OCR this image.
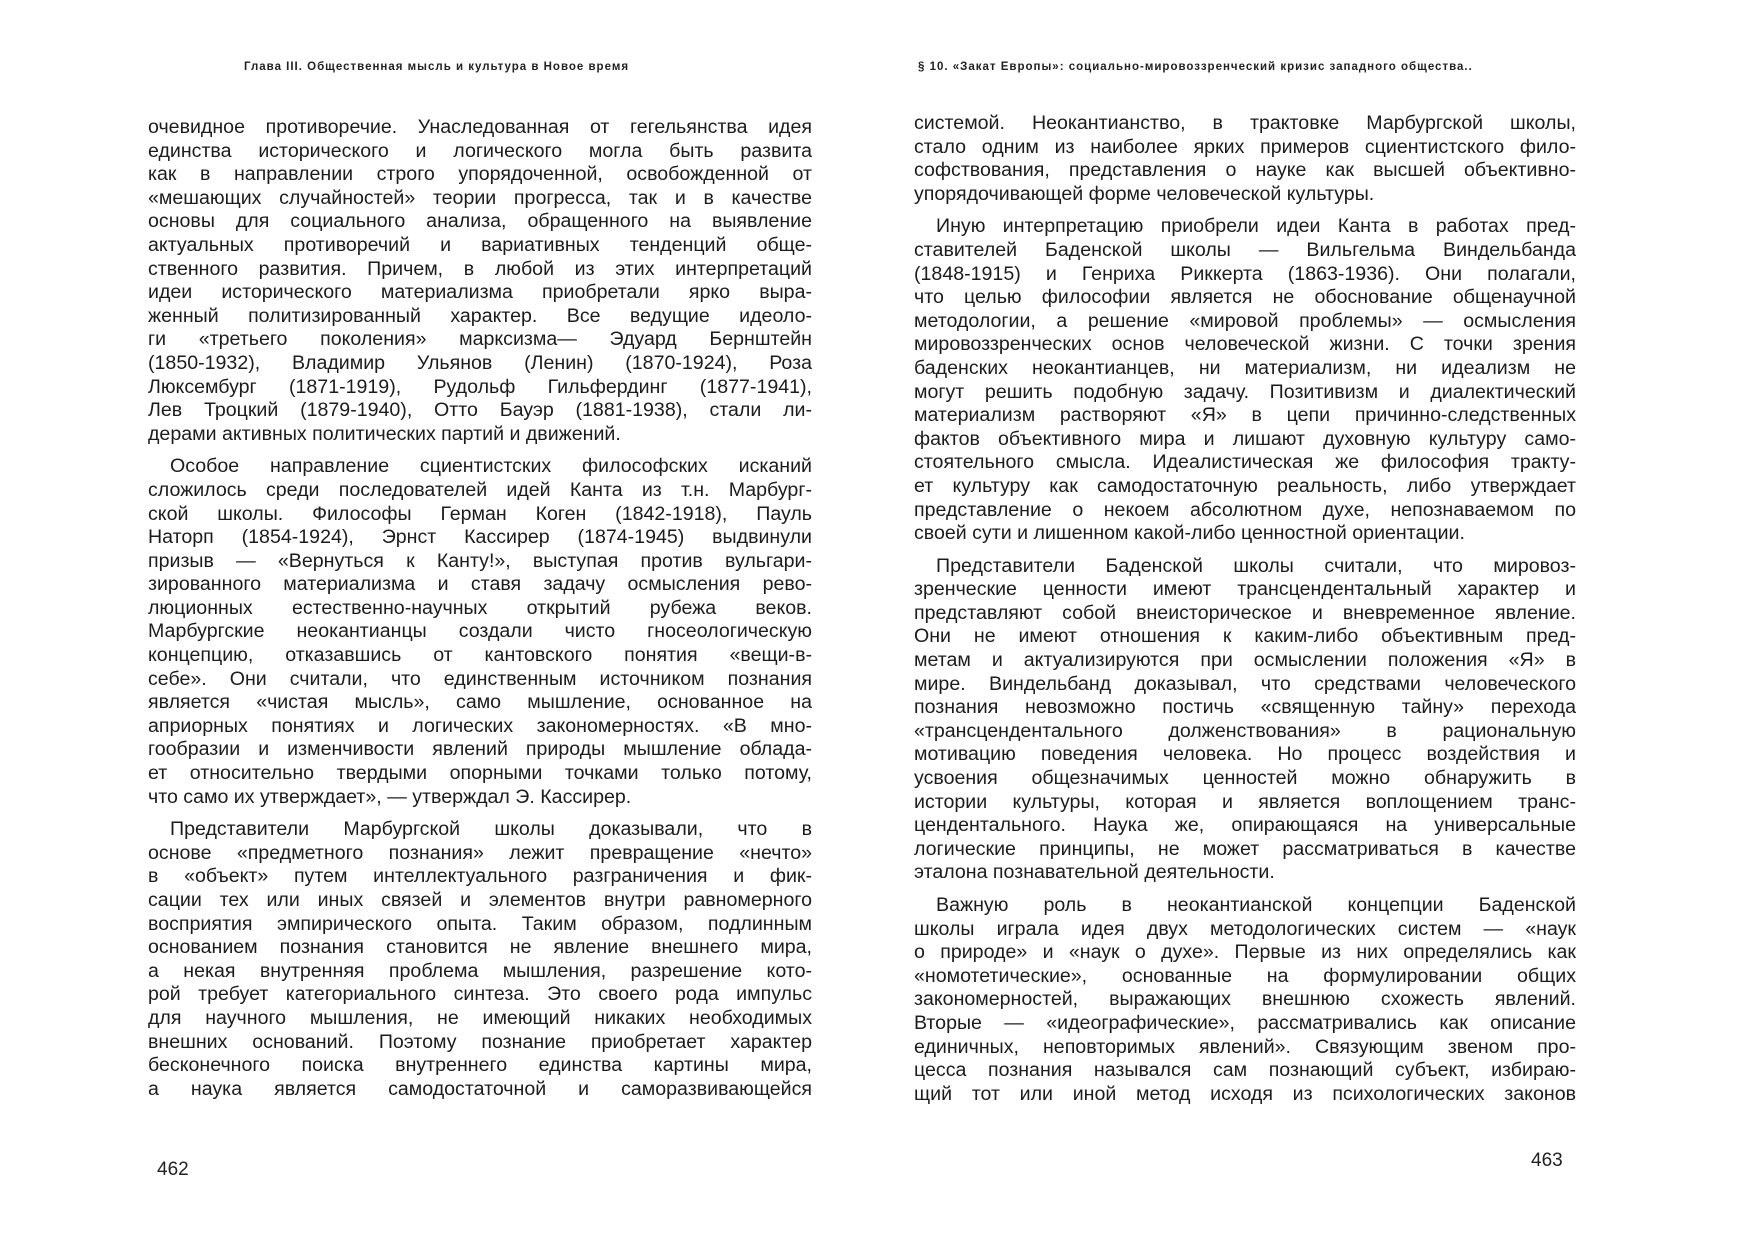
Глава III. Общественная мысль и культура в Новое время
очевидное противоречие. Унаследованная от гегельянства идея
единства исторического и логического могла быть развита
как в направлении строго упорядоченной, освобожденной от
«мешающих случайностей» теории прогресса, так и в качестве
основы для социального анализа, обращенного на выявление
актуальных противоречий и вариативных тенденций обще-
ственного развития. Причем, в любой из этих интерпретаций
идеи исторического материализма приобретали ярко выра-
женный политизированный характер. Все ведущие идеоло-
ги «третьего поколения» марксизма— Эдуард Бернштейн
(1850-1932), Владимир Ульянов (Ленин) (1870-1924), Роза
Люксембург (1871-1919), Рудольф Гильфердинг (1877-1941),
Лев Троцкий (1879-1940), Отто Бауэр (1881-1938), стали ли-
дерами активных политических партий и движений.
Особое направление сциентистских философских исканий
сложилось среди последователей идей Канта из т.н. Марбург-
ской школы. Философы Герман Коген (1842-1918), Пауль
Наторп (1854-1924), Эрнст Кассирер (1874-1945) выдвинули
призыв — «Вернуться к Канту!», выступая против вульгари-
зированного материализма и ставя задачу осмысления рево-
люционных естественно-научных открытий рубежа веков.
Марбургские неокантианцы создали чисто гносеологическую
концепцию, отказавшись от кантовского понятия «вещи-в-
себе». Они считали, что единственным источником познания
является «чистая мысль», само мышление, основанное на
априорных понятиях и логических закономерностях. «В мно-
гообразии и изменчивости явлений природы мышление облада-
ет относительно твердыми опорными точками только потому,
что само их утверждает», — утверждал Э. Кассирер.
Представители Марбургской школы доказывали, что в
основе «предметного познания» лежит превращение «нечто»
в «объект» путем интеллектуального разграничения и фик-
сации тех или иных связей и элементов внутри равномерного
восприятия эмпирического опыта. Таким образом, подлинным
основанием познания становится не явление внешнего мира,
а некая внутренняя проблема мышления, разрешение кото-
рой требует категориального синтеза. Это своего рода импульс
для научного мышления, не имеющий никаких необходимых
внешних оснований. Поэтому познание приобретает характер
бесконечного поиска внутреннего единства картины мира,
а наука является самодостаточной и саморазвивающейся
462
§ 10. «Закат Европы»: социально-мировоззренческий кризис западного общества..
системой. Неокантианство, в трактовке Марбургской школы,
стало одним из наиболее ярких примеров сциентистского фило-
софствования, представления о науке как высшей объективно-
упорядочивающей форме человеческой культуры.
Иную интерпретацию приобрели идеи Канта в работах пред-
ставителей Баденской школы — Вильгельма Виндельбанда
(1848-1915) и Генриха Риккерта (1863-1936). Они полагали,
что целью философии является не обоснование общенаучной
методологии, а решение «мировой проблемы» — осмысления
мировоззренческих основ человеческой жизни. С точки зрения
баденских неокантианцев, ни материализм, ни идеализм не
могут решить подобную задачу. Позитивизм и диалектический
материализм растворяют «Я» в цепи причинно-следственных
фактов объективного мира и лишают духовную культуру само-
стоятельного смысла. Идеалистическая же философия тракту-
ет культуру как самодостаточную реальность, либо утверждает
представление о некоем абсолютном духе, непознаваемом по
своей сути и лишенном какой-либо ценностной ориентации.
Представители Баденской школы считали, что мировоз-
зренческие ценности имеют трансцендентальный характер и
представляют собой внеисторическое и вневременное явление.
Они не имеют отношения к каким-либо объективным пред-
метам и актуализируются при осмыслении положения «Я» в
мире. Виндельбанд доказывал, что средствами человеческого
познания невозможно постичь «священную тайну» перехода
«трансцендентального долженствования» в рациональную
мотивацию поведения человека. Но процесс воздействия и
усвоения общезначимых ценностей можно обнаружить в
истории культуры, которая и является воплощением транс-
цендентального. Наука же, опирающаяся на универсальные
логические принципы, не может рассматриваться в качестве
эталона познавательной деятельности.
Важную роль в неокантианской концепции Баденской
школы играла идея двух методологических систем — «наук
о природе» и «наук о духе». Первые из них определялись как
«номотетические», основанные на формулировании общих
закономерностей, выражающих внешнюю схожесть явлений.
Вторые — «идеографические», рассматривались как описание
единичных, неповторимых явлений». Связующим звеном про-
цесса познания назывался сам познающий субъект, избираю-
щий тот или иной метод исходя из психологических законов
463
